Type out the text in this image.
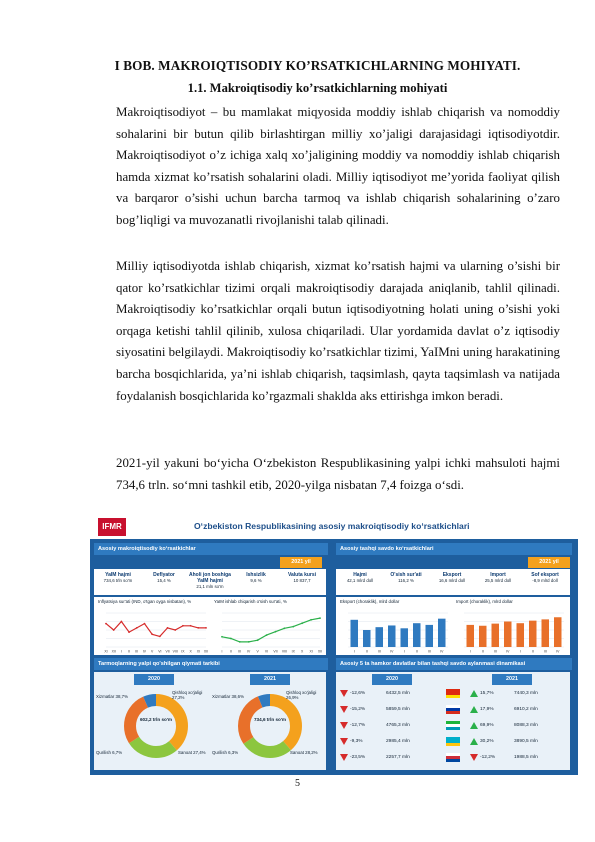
I BOB. MAKROIQTISODIY KO’RSATKICHLARNING MOHIYATI.
1.1. Makroiqtisodiy ko’rsatkichlarning mohiyati

Makroiqtisodiyot – bu mamlakat miqyosida moddiy ishlab chiqarish va nomoddiy sohalarini bir butun qilib birlashtirgan milliy xo’jaligi darajasidagi iqtisodiyotdir. Makroiqtisodiyot o’z ichiga xalq xo’jaligining moddiy va nomoddiy ishlab chiqarish hamda xizmat ko’rsatish sohalarini oladi. Milliy iqtisodiyot me’yorida faoliyat qilish va barqaror o’sishi uchun barcha tarmoq va ishlab chiqarish sohalarining o’zaro bog’liqligi va muvozanatli rivojlanishi talab qilinadi.

Milliy iqtisodiyotda ishlab chiqarish, xizmat ko’rsatish hajmi va ularning o’sishi bir qator ko’rsatkichlar tizimi orqali makroiqtisodiy darajada aniqlanib, tahlil qilinadi. Makroiqtisodiy ko’rsatkichlar orqali butun iqtisodiyotning holati uning o’sishi yoki orqaga ketishi tahlil qilinib, xulosa chiqariladi. Ular yordamida davlat o’z iqtisodiy siyosatini belgilaydi. Makroiqtisodiy ko’rsatkichlar tizimi, YaIMni uning harakatining barcha bosqichlarida, ya’ni ishlab chiqarish, taqsimlash, qayta taqsimlash va natijada foydalanish bosqichlarida ko’rgazmali shaklda aks ettirishga imkon beradi.

2021-yil yakuni bo‘yicha O‘zbekiston Respublikasining yalpi ichki mahsuloti hajmi 734,6 trln. so‘mni tashkil etib, 2020-yilga nisbatan 7,4 foizga o‘sdi.

IFMR	O‘zbekiston Respublikasining asosiy makroiqtisodiy ko‘rsatkichlari
Asosiy makroiqtisodiy ko‘rsatkichlar	Asosiy tashqi savdo ko‘rsatkichlari
2021 yil	2021 yil
YaIM hajmi
734,6 trln so'm
Deflyator
15,4 %
Aholi jon boshiga YaIM hajmi
21,1 mln so'm
Ishsizlik
9,6 %
Valuta kursi
10 837,7
Hajmi
42,1 mlrd doll
O'sish sur'ati
116,2 %
Eksport
16,6 mlrd doll
Import
25,5 mlrd doll
Sof eksport
-8,9 mlrd doll
Inflyatsiya sur'ati (IND, o'tgan oyga nisbatan), %	YaIM ishlab chiqarish o'sish sur'ati, %
XI XII I II III IV V VI VII VIII IX X XI XII	I II III IV V VI VII VIII IX X XI XII
Eksport (choraklik), mlrd dollar	Import (choraklik), mlrd dollar
I	II	III	IV	I	II	III	IV	I	II	III	IV	I	II	III	IV
Tarmoqlarning yalpi qo'shilgan qiymati tarkibi	Asosiy 5 ta hamkor davlatlar bilan tashqi savdo aylanmasi dinamikasi
2020	2021
602,2 trln so'm	734,6 trln so'm
Xizmatlar 38,7%
Qishloq xo'jaligi 27,2%
Qurilish 6,7%	Sanoat 27,4%
Xizmatlar 38,6%
Qishloq xo'jaligi 26,9%
Qurilish 6,3%	Sanoat 28,2%
2020	2021
-12,6%	6432,5 mln	15,7%	7440,3 mln
-15,2%	5859,5 mln	17,9%	6910,2 mln
-12,7%	4765,3 mln	69,9%	8088,3 mln
-9,3%	2985,4 mln	30,2%	3890,5 mln
-23,5%	2257,7 mln	-12,2%	1988,5 mln
5
